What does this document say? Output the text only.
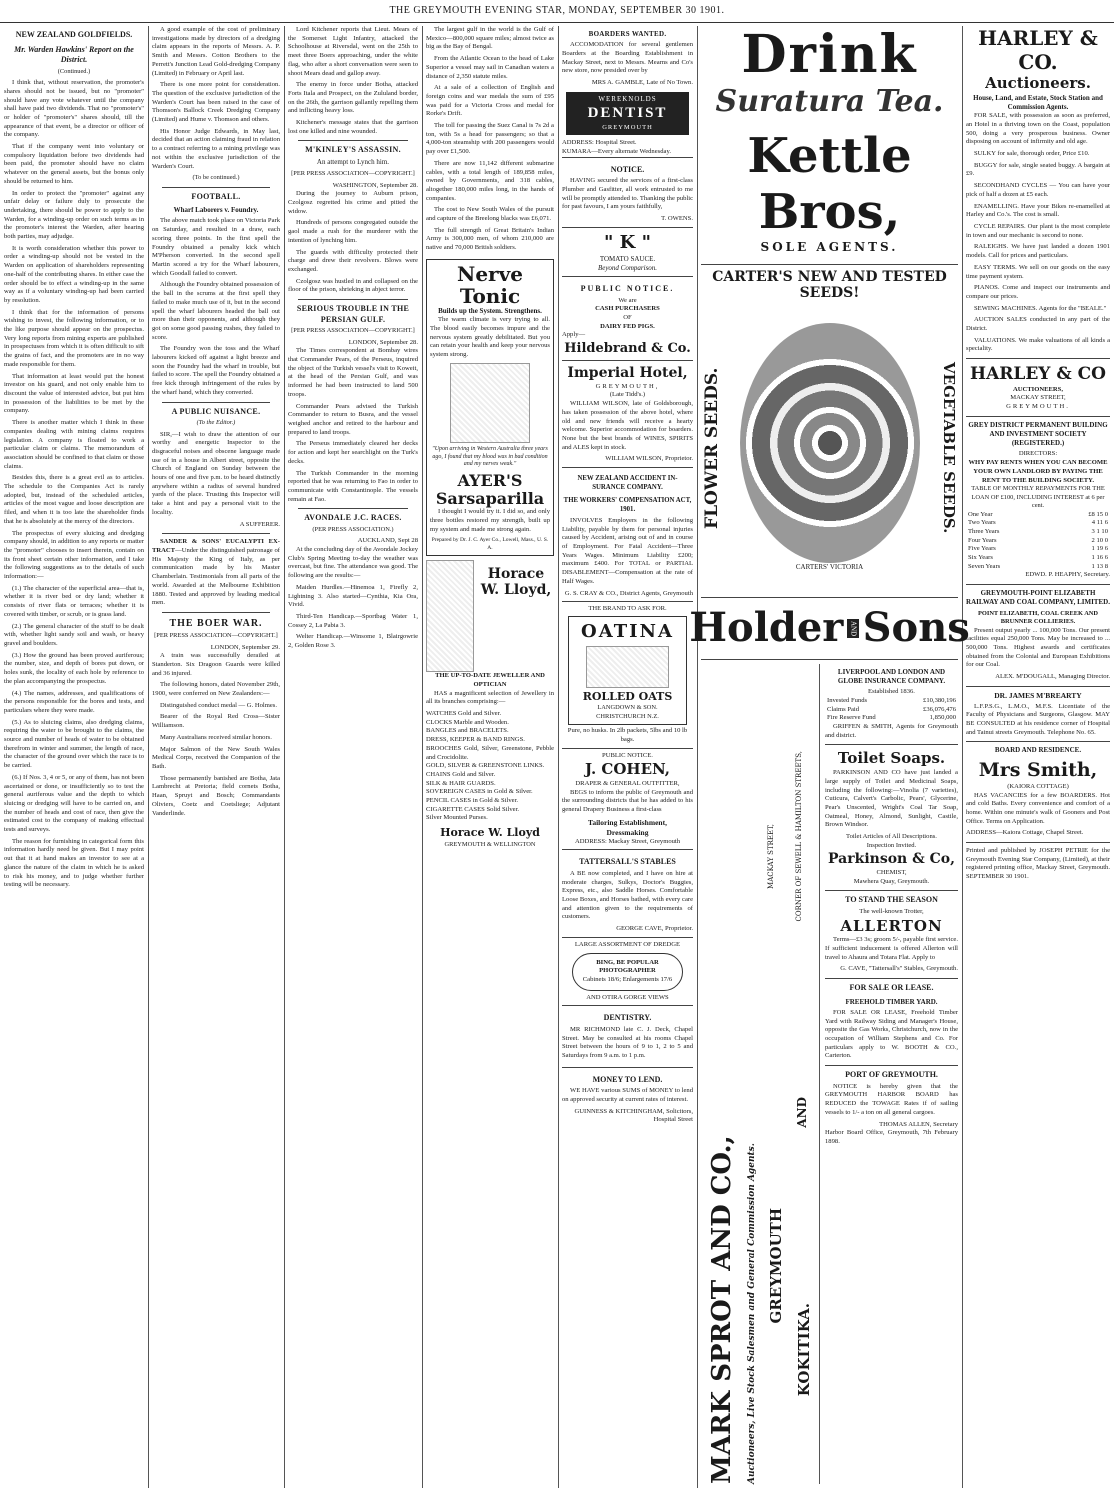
THE GREYMOUTH EVENING STAR, MONDAY, SEPTEMBER 30 1901.
NEW ZEALAND GOLDFIELDS.
Mr. Warden Hawkins' Report on the District.
(Continued.)

I think that, without reservation, the promoter's shares should not be issued, but no "promoter" should have any vote whatever until the company shall have paid two dividends. That no "promoter's" or holder of "promoter's" shares should, till the appearance of that event, be a director or officer of the company.

That if the company went into voluntary or compulsory liquidation before two dividends had been paid, the promoter should have no claim whatever on the general assets, but the bonus only should be returned to him.

In order to protect the "promoter" against any unfair delay or failure duly to prosecute the undertaking, there should be power to apply to the Warden, for a winding-up order on such terms as in the promoter's interest the Warden, after hearing both parties, may adjudge.

It is worth consideration whether this power to order a winding-up should not be vested in the Warden on application of shareholders representing one-half of the contributing shares. In either case the order should be to effect a winding-up in the same way as if a voluntary winding-up had been carried by resolution.

I think that for the information of persons wishing to invest, the following information, or to the like purpose should appear on the prospectus. Very long reports from mining experts are published in prospectuses from which it is often difficult to sift the grains of fact, and the promoters are in no way made responsible for them.

That information at least would put the honest investor on his guard, and not only enable him to discount the value of interested advice, but put him in possession of the liabilities to be met by the company.

There is another matter which I think in these companies dealing with mining claims requires legislation. A company is floated to work a particular claim or claims. The memorandum of association should be confined to that claim or those claims.

Besides this, there is a great evil as to articles. The schedule to the Companies Act is rarely adopted, but, instead of the scheduled articles, articles of the most vague and loose description are filed, and when it is too late the shareholder finds that he is absolutely at the mercy of the directors.

The prospectus of every sluicing and dredging company should, in addition to any reports or matter the "promoter" chooses to insert therein, contain on its front sheet certain other information, and I take the following suggestions as to the details of such information:—

(1.) The character of the superficial area—that is, whether it is river bed or dry land; whether it consists of river flats or terraces; whether it is covered with timber, or scrub, or is grass land.

(2.) The general character of the stuff to be dealt with, whether light sandy soil and wash, or heavy gravel and boulders.

(3.) How the ground has been proved auriferous; the number, size, and depth of bores put down, or holes sunk, the locality of each hole by reference to the plan accompanying the prospectus.

(4.) The names, addresses, and qualifications of the persons responsible for the bores and tests, and particulars where they were made.

(5.) As to sluicing claims, also dredging claims, requiring the water to be brought to the claims, the source and number of heads of water to be obtained therefrom in winter and summer, the length of race, the character of the ground over which the race is to be carried.

(6.) If Nos. 3, 4 or 5, or any of them, has not been ascertained or done, or insufficiently so to test the general auriferous value and the depth to which sluicing or dredging will have to be carried on, and the number of heads and cost of race, then give the estimated cost to the company of making effectual tests and surveys.

The reason for furnishing in categorical form this information hardly need be given. But I may point out that it at hand makes an investor to see at a glance the nature of the claim in which he is asked to risk his money, and to judge whether further testing will be necessary.

A good example of the cost of preliminary investigations made by directors of a dredging claim appears in the reports of Messrs. A. P. Smith and Messrs. Cotton Brothers to the Perrett's Junction Lead Gold-dredging Company (Limited) in February or April last.

There is one more point for consideration. The question of the exclusive jurisdiction of the Warden's Court has been raised in the case of Thomson's Ballock Creek Dredging Company (Limited) and Hume v. Thomson and others.

His Honor Judge Edwards, in May last, decided that an action claiming fraud in relation to a contract referring to a mining privilege was not within the exclusive jurisdiction of the Warden's Court.

(To be continued.)
FOOTBALL.
Wharf Laborers v. Foundry.

The above match took place on Victoria Park on Saturday, and resulted in a draw, each scoring three points. In the first spell the Foundry obtained a penalty kick which M'Pherson converted. In the second spell Martin scored a try for the Wharf labourers, which Goodall failed to convert.

Although the Foundry obtained possession of the ball in the scrums at the first spell they failed to make much use of it, but in the second spell the wharf labourers headed the ball out more than their opponents, and although they got on some good passing rushes, they failed to score.

The Foundry won the toss and the Wharf labourers kicked off against a light breeze and soon the Foundry had the wharf in trouble, but failed to score. The spell the Foundry obtained a free kick through infringement of the rules by the wharf hand, which they converted.

A PUBLIC NUISANCE.
(To the Editor.)

SIR,—I wish to draw the attention of our worthy and energetic Inspector to the disgraceful noises and obscene language made use of in a house in Albert street, opposite the Church of England on Sunday between the hours of one and five p.m. to be heard distinctly anywhere within a radius of several hundred yards of the place. Trusting this Inspector will take a hint and pay a personal visit to the locality.

A SUFFERER.

SANDER & SONS' EUCALYPTI EX-TRACT—Under the distinguished patronage of His Majesty the King of Italy, as per communication made by his Master Chamberlain. Testimonials from all parts of the world. Awarded at the Melbourne Exhibition 1880. Tested and approved by leading medical men.

THE BOER WAR.
[PER PRESS ASSOCIATION—COPYRIGHT.]
LONDON, September 29.

A train was successfully derailed at Standerton. Six Dragoon Guards were killed and 36 injured.

The following honors, dated November 29th, 1900, were conferred on New Zealanders:—

Distinguished conduct medal — G. Holmes.

Bearer of the Royal Red Cross—Sister Williamson.

Many Australians received similar honors.

Major Salmon of the New South Wales Medical Corps, received the Companion of the Bath.

Those permanently banished are Botha, Jata Lambrecht at Pretoria; field cornets Botha, Haan, Spruyt and Bosch; Commandants Oliviers, Coetz and Coetsliege; Adjutant Vanderlinde.

Lord Kitchener reports that Lieut. Mears of the Somerset Light Infantry, attacked the Schoolhouse at Riversdal, went on the 25th to meet three Boers approaching, under the white flag, who after a short conversation were seen to shoot Mears dead and gallop away.

The enemy in force under Botha, attacked Forts Itala and Prospect, on the Zululand border, on the 26th, the garrison gallantly repelling them and inflicting heavy loss.

Kitchener's message states that the garrison lost one killed and nine wounded.

M'KINLEY'S ASSASSIN.
An attempt to Lynch him.
[PER PRESS ASSOCIATION—COPYRIGHT.]
WASHINGTON, September 28.

During the journey to Auburn prison, Czolgosz regretted his crime and pitied the widow.

Hundreds of persons congregated outside the gaol made a rush for the murderer with the intention of lynching him.

The guards with difficulty protected their charge and drew their revolvers. Blows were exchanged.

Czolgosz was hustled in and collapsed on the floor of the prison, shrieking in abject terror.

SERIOUS TROUBLE IN THE PERSIAN GULF.
[PER PRESS ASSOCIATION—COPYRIGHT.]
LONDON, September 28.

The Times correspondent at Bombay wires that Commander Pears, of the Perseus, inquired the object of the Turkish vessel's visit to Koweit, at the head of the Persian Gulf, and was informed he had been instructed to land 500 troops.

Commander Pears advised the Turkish Commander to return to Busra, and the vessel weighed anchor and retired to the harbour and prepared to land troops.

The Perseus immediately cleared her decks for action and kept her searchlight on the Turk's decks.

The Turkish Commander in the morning reported that he was returning to Fao in order to communicate with Constantinople. The vessels remain at Fao.

AVONDALE J.C. RACES.
(PER PRESS ASSOCIATION.)
AUCKLAND, Sept 28

At the concluding day of the Avondale Jockey Club's Spring Meeting to-day the weather was overcast, but fine. The attendance was good. The following are the results:—

Maiden Hurdles.—Hinemoa 1, Firefly 2, Lightning 3. Also started—Cynthia, Kia Ora, Vivid.

Third-Ten Handicap.—Sportbag Water 1, Cossey 2, La Pabia 3.

Welter Handicap.—Winsome 1, Blairgowrie 2, Golden Rose 3.

The largest gulf in the world is the Gulf of Mexico—800,000 square miles; almost twice as big as the Bay of Bengal.

From the Atlantic Ocean to the head of Lake Superior a vessel may sail in Canadian waters a distance of 2,350 statute miles.

At a sale of a collection of English and foreign coins and war medals the sum of £95 was paid for a Victoria Cross and medal for Rorke's Drift.

The toll for passing the Suez Canal is 7s 2d a ton, with 5s a head for passengers; so that a 4,000-ton steamship with 200 passengers would pay over £1,500.

There are now 11,142 different submarine cables, with a total length of 189,858 miles, owned by Governments, and 318 cables, altogether 180,000 miles long, in the hands of companies.

The cost to New South Wales of the pursuit and capture of the Breelong blacks was £6,071.

The full strength of Great Britain's Indian Army is 300,000 men, of whom 210,000 are native and 70,000 British soldiers.

Nerve Tonic
Builds up the System. Strengthens.

The warm climate is very trying to all. The blood easily becomes impure and the nervous system greatly debilitated. But you can retain your health and keep your nervous system strong.

"Upon arriving in Western Australia three years ago, I found that my blood was in bad condition and my nerves weak."
AYER'S Sarsaparilla

I thought I would try it. I did so, and only three bottles restored my strength, built up my system and made me strong again.

Prepared by Dr. J. C. Ayer Co., Lowell, Mass., U. S. A.
Horace W. Lloyd,
THE UP-TO-DATE JEWELLER AND OPTICIAN

HAS a magnificent selection of Jewellery in all its branches comprising:—

WATCHES Gold and Silver.
CLOCKS Marble and Wooden.
BANGLES and BRACELETS.
DRESS, KEEPER & BAND RINGS.
BROOCHES Gold, Silver, Greenstone, Pebble and Crocidolite.
GOLD, SILVER & GREENSTONE LINKS.
CHAINS Gold and Silver.
SILK & HAIR GUARDS.
SOVEREIGN CASES in Gold & Silver.
PENCIL CASES in Gold & Silver.
CIGARETTE CASES Solid Silver.
Silver Mounted Purses.
Horace W. Lloyd
GREYMOUTH & WELLINGTON
BOARDERS WANTED.

ACCOMODATION for several gentlemen Boarders at the Boarding Establishment in Mackay Street, next to Messrs. Mearns and Co's new store, now presided over by

MRS A. GAMBLE, Late of No Town.
WEREKNOLDS
DENTIST
GREYMOUTH
ADDRESS: Hospital Street.
KUMARA—Every alternate Wednesday.
NOTICE.

HAVING secured the services of a first-class Plumber and Gasfitter, all work entrusted to me will be promptly attended to. Thanking the public for past favours, I am yours faithfully,

T. OWENS.
" K "
TOMATO SAUCE.
Beyond Comparison.
PUBLIC NOTICE.
We are
CASH PURCHASERS
OF
DAIRY FED PIGS.
Apply—
Hildebrand & Co.
Imperial Hotel,
GREYMOUTH,
(Late Tidd's.)

WILLIAM WILSON, late of Goldsborough, has taken possession of the above hotel, where old and new friends will receive a hearty welcome. Superior accommodation for boarders. None but the best brands of WINES, SPIRITS and ALES kept in stock.

WILLIAM WILSON, Proprietor.
NEW ZEALAND ACCIDENT IN-SURANCE COMPANY.
THE WORKERS' COMPENSATION ACT, 1901.

INVOLVES Employers in the following Liability, payable by them for personal injuries caused by Accident, arising out of and in course of Employment. For Fatal Accident—Three Years Wages. Minimum Liability £200; maximum £400. For TOTAL or PARTIAL DISABLEMENT—Compensation at the rate of Half Wages.

G. S. CRAY & CO., District Agents, Greymouth
THE BRAND TO ASK FOR.
OATINA
ROLLED OATS
LANGDOWN & SON. CHRISTCHURCH N.Z.
Pure, no husks. In 2lb packets, 5lbs and 10 lb bags.
PUBLIC NOTICE.
J. COHEN,
DRAPER & GENERAL OUTFITTER,

BEGS to inform the public of Greymouth and the surrounding districts that he has added to his general Drapery Business a first-class

Tailoring Establishment,
Dressmaking
ADDRESS: Mackay Street, Greymouth
TATTERSALL'S STABLES

A BE now completed, and I have on hire at moderate charges, Sulkys, Doctor's Buggies, Express, etc., also Saddle Horses. Comfortable Loose Boxes, and Horses bathed, with every care and attention given to the requirements of customers.

GEORGE CAVE, Proprietor.
LARGE ASSORTMENT OF DREDGE
BING, BE POPULAR PHOTOGRAPHER
Cabinets 18/6; Enlargements 17/6
AND OTIRA GORGE VIEWS
DENTISTRY.

MR RICHMOND late C. J. Deck, Chapel Street. May be consulted at his rooms Chapel Street between the hours of 9 to 1, 2 to 5 and Saturdays from 9 a.m. to 1 p.m.

MONEY TO LEND.

WE HAVE various SUMS of MONEY to lend on approved security at current rates of interest.

GUINNESS & KITCHINGHAM, Solicitors, Hospital Street
Drink
Suratura Tea.
Kettle Bros,
SOLE AGENTS.
CARTER'S NEW AND TESTED SEEDS!
FLOWER SEEDS.
CARTERS' VICTORIA
VEGETABLE SEEDS.
Holder AND Sons
MARK SPROT AND CO., Auctioneers, Live Stock Salesmen and General Commission Agents.
MACKAY STREET,
GREYMOUTH
CORNER OF SEWELL & HAMILTON STREETS,
AND
KOKITIKA.
LIVERPOOL AND LONDON AND GLOBE INSURANCE COMPANY.
Established 1836.
Invested Funds	£10,380,196
Claims Paid	£36,076,476
Fire Reserve Fund	1,850,000

GRIFFEN & SMITH, Agents for Greymouth and district.

Toilet Soaps.

PARKINSON AND CO have just landed a large supply of Toilet and Medicinal Soaps, including the following:—Vinolia (7 varieties), Cuticura, Calvert's Carbolic, Pears', Glycerine, Pear's Unscented, Wright's Coal Tar Soap, Oatmeal, Honey, Almond, Sunlight, Castile, Brown Windsor.

Toilet Articles of All Descriptions.
Inspection Invited.
Parkinson & Co,
CHEMIST,
Mawhera Quay, Greymouth.
TO STAND THE SEASON
The well-known Trotter,
ALLERTON

Terms—£3 3s; groom 5/-, payable first service. If sufficient inducement is offered Allerton will travel to Ahaura and Totara Flat. Apply to

G. CAVE, "Tattersall's" Stables, Greymouth.
FOR SALE OR LEASE.
FREEHOLD TIMBER YARD.

FOR SALE OR LEASE, Freehold Timber Yard with Railway Siding and Manager's House, opposite the Gas Works, Christchurch, now in the occupation of William Stephens and Co. For particulars apply to W. BOOTH & CO., Carterton.

PORT OF GREYMOUTH.

NOTICE is hereby given that the GREYMOUTH HARBOR BOARD has REDUCED the TOWAGE Rates if of sailing vessels to 1/- a ton on all general cargoes.

THOMAS ALLEN, Secretary
Harbor Board Office, Greymouth, 7th February 1898.
HARLEY & CO.
Auctioneers.
House, Land, and Estate, Stock Station and Commission Agents.

FOR SALE, with possession as soon as preferred, an Hotel in a thriving town on the Coast, population 500, doing a very prosperous business. Owner disposing on account of infirmity and old age.

SULKY for sale, thorough order, Price £10.

BUGGY for sale, single seated buggy. A bargain at £9.

SECONDHAND CYCLES — You can have your pick of half a dozen at £5 each.

ENAMELLING. Have your Bikes re-enamelled at Harley and Co.'s. The cost is small.

CYCLE REPAIRS. Our plant is the most complete in town and our mechanic is second to none.

RALEIGHS. We have just landed a dozen 1901 models. Call for prices and particulars.

EASY TERMS. We sell on our goods on the easy time payment system.

PIANOS. Come and inspect our instruments and compare our prices.

SEWING MACHINES. Agents for the "BEALE."

AUCTION SALES conducted in any part of the District.

VALUATIONS. We make valuations of all kinds a speciality.

HARLEY & CO
AUCTIONEERS,
MACKAY STREET,
GREYMOUTH.
GREY DISTRICT PERMANENT BUILDING AND INVESTMENT SOCIETY (REGISTERED.)
DIRECTORS:
WHY PAY RENTS WHEN YOU CAN BECOME YOUR OWN LANDLORD BY PAYING THE RENT TO THE BUILDING SOCIETY.
TABLE OF MONTHLY REPAYMENTS FOR THE LOAN OF £100, INCLUDING INTEREST at 6 per cent.
One Year	£8 15 0
Two Years	4 11 6
Three Years	3 1 10
Four Years	2 10 0
Five Years	1 19 6
Six Years	1 16 6
Seven Years	1 13 8
EDWD. P. HEAPHY, Secretary.
GREYMOUTH-POINT ELIZABETH RAILWAY AND COAL COMPANY, LIMITED.
POINT ELIZABETH, COAL CREEK AND BRUNNER COLLIERIES.

Present output yearly ... 100,000 Tons. Our present facilities equal 250,000 Tons. May be increased to ... 500,000 Tons. Highest awards and certificates obtained from the Colonial and European Exhibitions for our Coal.

ALEX. M'DOUGALL, Managing Director.
DR. JAMES M'BREARTY

L.F.P.S.G., L.M.O., M.F.S. Licentiate of the Faculty of Physicians and Surgeons, Glasgow. MAY BE CONSULTED at his residence corner of Hospital and Tainui streets Greymouth. Telephone No. 65.

BOARD AND RESIDENCE.
Mrs Smith,
(KAIORA COTTAGE)

HAS VACANCIES for a few BOARDERS. Hot and cold Baths. Every convenience and comfort of a home. Within one minute's walk of Gooners and Post Office. Terms on Application.

ADDRESS—Kaiora Cottage, Chapel Street.

Printed and published by JOSEPH PETRIE for the Greymouth Evening Star Company, (Limited), at their registered printing office, Mackay Street, Greymouth. SEPTEMBER 30 1901.
